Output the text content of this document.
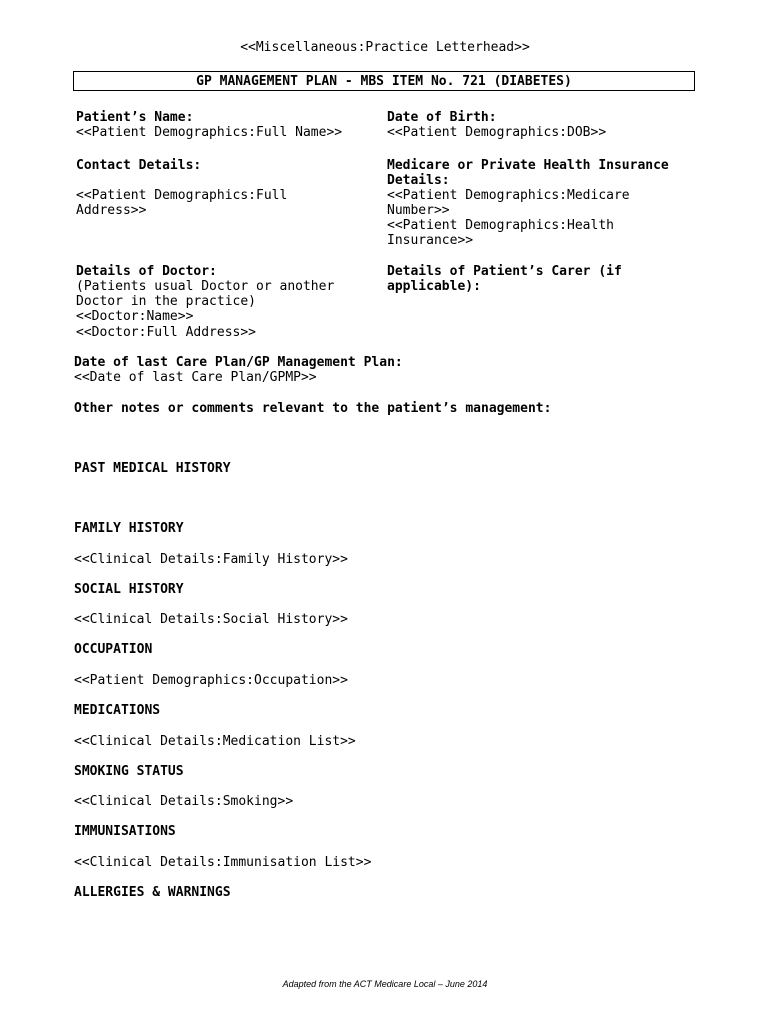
<<Miscellaneous:Practice Letterhead>>
GP MANAGEMENT PLAN - MBS ITEM No. 721 (DIABETES)
Patient’s Name:
<<Patient Demographics:Full Name>>
Date of Birth:
<<Patient Demographics:DOB>>
Contact Details:
<<Patient Demographics:Full
Address>>
Medicare or Private Health Insurance
Details:
<<Patient Demographics:Medicare
Number>>
<<Patient Demographics:Health
Insurance>>
Details of Doctor:
(Patients usual Doctor or another
Doctor in the practice)
<<Doctor:Name>>
<<Doctor:Full Address>>
Details of Patient’s Carer (if
applicable):
Date of last Care Plan/GP Management Plan:
<<Date of last Care Plan/GPMP>>
Other notes or comments relevant to the patient’s management:
PAST MEDICAL HISTORY
FAMILY HISTORY
<<Clinical Details:Family History>>
SOCIAL HISTORY
<<Clinical Details:Social History>>
OCCUPATION
<<Patient Demographics:Occupation>>
MEDICATIONS
<<Clinical Details:Medication List>>
SMOKING STATUS
<<Clinical Details:Smoking>>
IMMUNISATIONS
<<Clinical Details:Immunisation List>>
ALLERGIES & WARNINGS
Adapted from the ACT Medicare Local – June 2014
